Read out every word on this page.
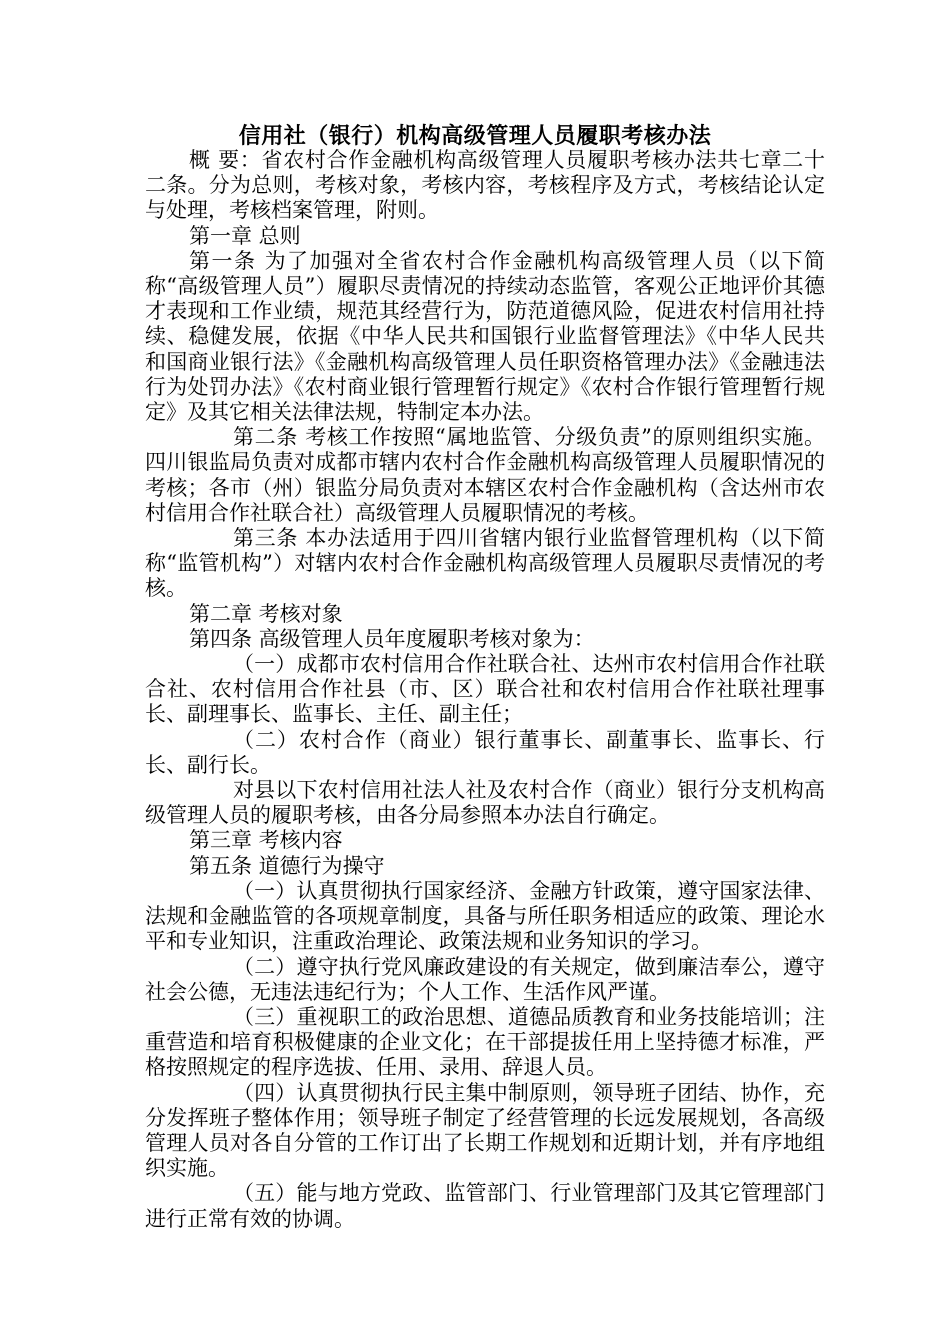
信用社（银行）机构高级管理人员履职考核办法

概 要：省农村合作金融机构高级管理人员履职考核办法共七章二十二条。分为总则，考核对象，考核内容，考核程序及方式，考核结论认定与处理，考核档案管理，附则。

第一章 总则

第一条 为了加强对全省农村合作金融机构高级管理人员（以下简称“高级管理人员”）履职尽责情况的持续动态监管，客观公正地评价其德才表现和工作业绩，规范其经营行为，防范道德风险，促进农村信用社持续、稳健发展，依据《中华人民共和国银行业监督管理法》《中华人民共和国商业银行法》《金融机构高级管理人员任职资格管理办法》《金融违法行为处罚办法》《农村商业银行管理暂行规定》《农村合作银行管理暂行规定》及其它相关法律法规，特制定本办法。

第二条 考核工作按照“属地监管、分级负责”的原则组织实施。四川银监局负责对成都市辖内农村合作金融机构高级管理人员履职情况的考核；各市（州）银监分局负责对本辖区农村合作金融机构（含达州市农村信用合作社联合社）高级管理人员履职情况的考核。

第三条 本办法适用于四川省辖内银行业监督管理机构（以下简称“监管机构”）对辖内农村合作金融机构高级管理人员履职尽责情况的考核。

第二章 考核对象

第四条 高级管理人员年度履职考核对象为：

（一）成都市农村信用合作社联合社、达州市农村信用合作社联合社、农村信用合作社县（市、区）联合社和农村信用合作社联社理事长、副理事长、监事长、主任、副主任；

（二）农村合作（商业）银行董事长、副董事长、监事长、行长、副行长。

对县以下农村信用社法人社及农村合作（商业）银行分支机构高级管理人员的履职考核，由各分局参照本办法自行确定。

第三章 考核内容

第五条 道德行为操守

（一）认真贯彻执行国家经济、金融方针政策，遵守国家法律、法规和金融监管的各项规章制度，具备与所任职务相适应的政策、理论水平和专业知识，注重政治理论、政策法规和业务知识的学习。

（二）遵守执行党风廉政建设的有关规定，做到廉洁奉公，遵守社会公德，无违法违纪行为；个人工作、生活作风严谨。

（三）重视职工的政治思想、道德品质教育和业务技能培训；注重营造和培育积极健康的企业文化；在干部提拔任用上坚持德才标准，严格按照规定的程序选拔、任用、录用、辞退人员。

（四）认真贯彻执行民主集中制原则，领导班子团结、协作，充分发挥班子整体作用；领导班子制定了经营管理的长远发展规划，各高级管理人员对各自分管的工作订出了长期工作规划和近期计划，并有序地组织实施。

（五）能与地方党政、监管部门、行业管理部门及其它管理部门进行正常有效的协调。
